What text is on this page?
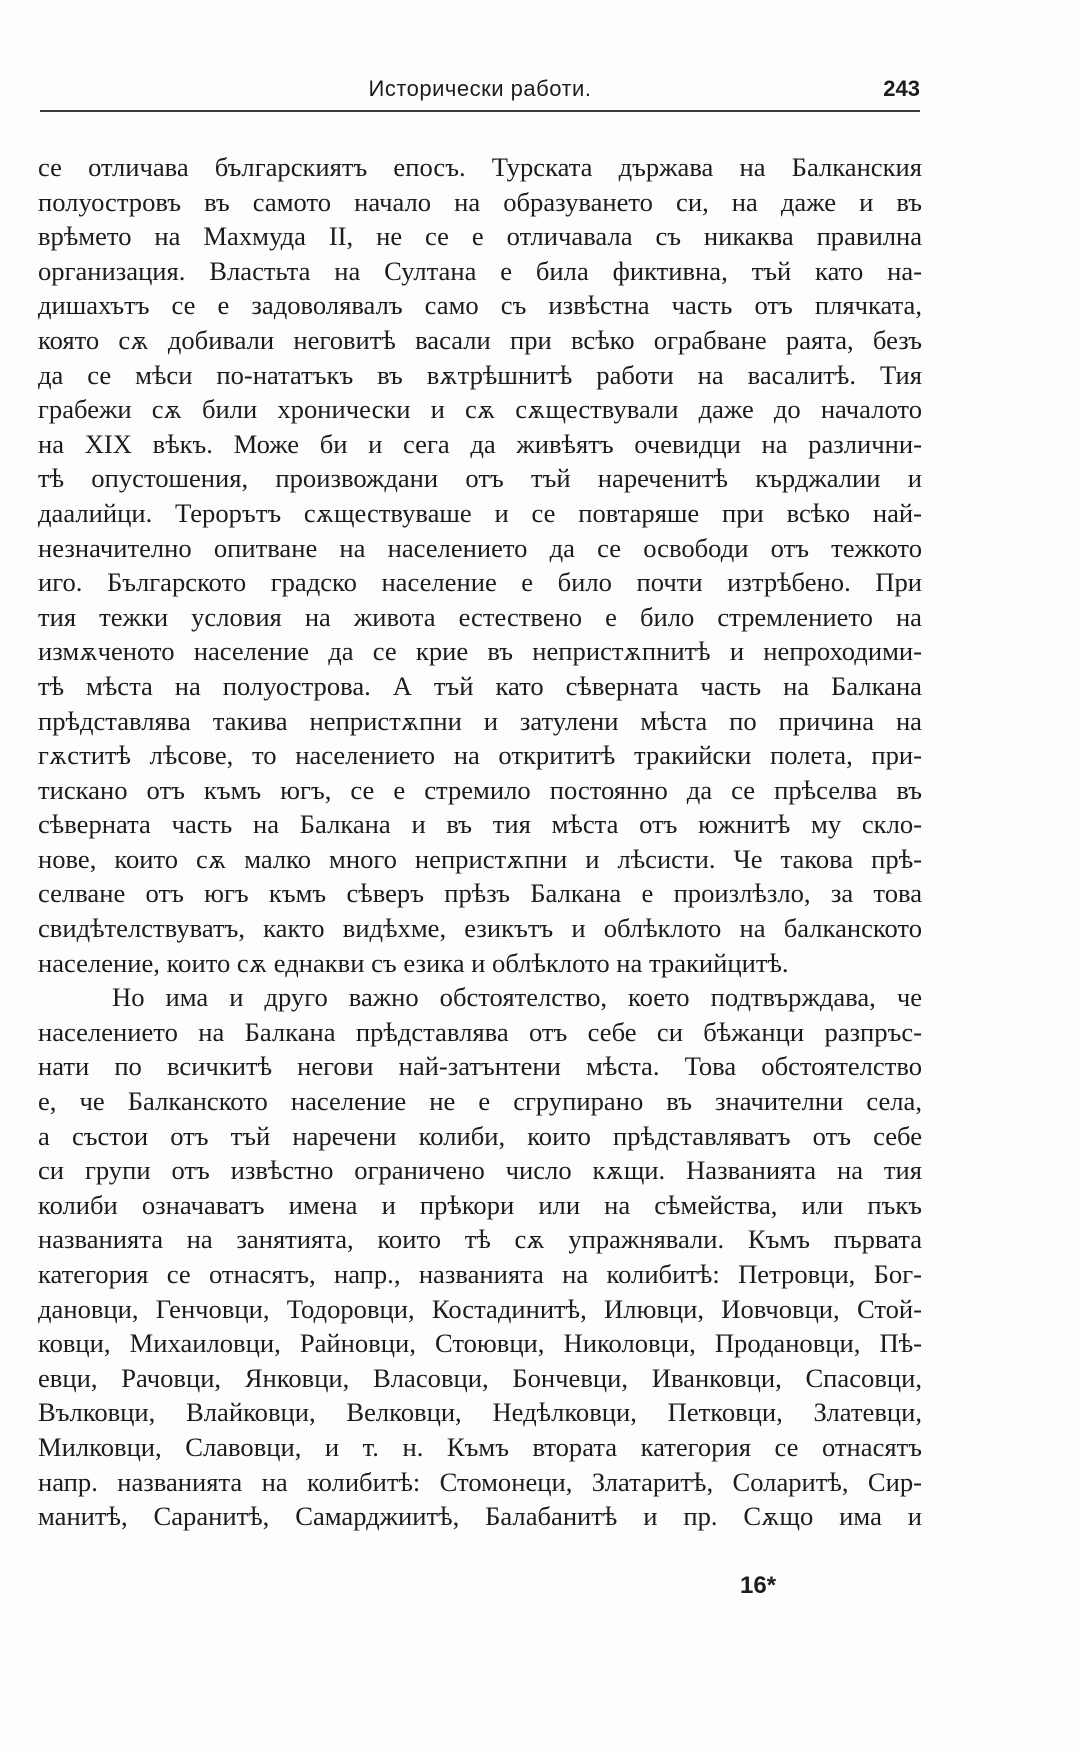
Исторически работи.	243
се отличава българскиятъ епосъ. Турската държава на Балканския
полуостровъ въ самото начало на образуването си, на даже и въ
врѣмето на Махмуда II, не се е отличавала съ никаква правилна
организация. Властьта на Султана е била фиктивна, тъй като на-
дишахътъ се е задоволявалъ само съ извѣстна часть отъ плячката,
която сѫ добивали неговитѣ васали при всѣко ограбване раята, безъ
да се мѣси по-нататъкъ въ вѫтрѣшнитѣ работи на васалитѣ. Тия
грабежи сѫ били хронически и сѫ сѫществували даже до началото
на XIX вѣкъ. Може би и сега да живѣятъ очевидци на различни-
тѣ опустошения, произвождани отъ тъй нареченитѣ кърджалии и
даалийци. Терорътъ сѫществуваше и се повтаряше при всѣко най-
незначително опитване на населението да се освободи отъ тежкото
иго. Българското градско население е било почти изтрѣбено. При
тия тежки условия на живота естествено е било стремлението на
измѫченото население да се крие въ непристѫпнитѣ и непроходими-
тѣ мѣста на полуострова. А тъй като сѣверната часть на Балкана
прѣдставлява такива непристѫпни и затулени мѣста по причина на
гѫститѣ лѣсове, то населението на открититѣ тракийски полета, при-
тискано отъ къмъ югъ, се е стремило постоянно да се прѣселва въ
сѣверната часть на Балкана и въ тия мѣста отъ южнитѣ му скло-
нове, които сѫ малко много непристѫпни и лѣсисти. Че такова прѣ-
селване отъ югъ къмъ сѣверъ прѣзъ Балкана е произлѣзло, за това
свидѣтелствуватъ, както видѣхме, езикътъ и облѣклото на балканското
население, които сѫ еднакви съ езика и облѣклото на тракийцитѣ.
Но има и друго важно обстоятелство, което подтвърждава, че
населението на Балкана прѣдставлява отъ себе си бѣжанци разпръс-
нати по всичкитѣ негови най-затънтени мѣста. Това обстоятелство
е, че Балканското население не е сгрупирано въ значителни села,
а състои отъ тъй наречени колиби, които прѣдставляватъ отъ себе
си групи отъ извѣстно ограничено число кѫщи. Названията на тия
колиби означаватъ имена и прѣкори или на сѣмейства, или пъкъ
названията на занятията, които тѣ сѫ упражнявали. Къмъ първата
категория се отнасятъ, напр., названията на колибитѣ: Петровци, Бог-
дановци, Генчовци, Тодоровци, Костадинитѣ, Илювци, Иовчовци, Стой-
ковци, Михаиловци, Райновци, Стоювци, Николовци, Продановци, Пѣ-
евци, Рачовци, Янковци, Власовци, Бончевци, Иванковци, Спасовци,
Вълковци, Влайковци, Велковци, Недѣлковци, Петковци, Златевци,
Милковци, Славовци, и т. н. Къмъ втората категория се отнасятъ
напр. названията на колибитѣ: Стомонеци, Златаритѣ, Соларитѣ, Сир-
манитѣ, Саранитѣ, Самарджиитѣ, Балабанитѣ и пр. Сѫщо има и
16*
